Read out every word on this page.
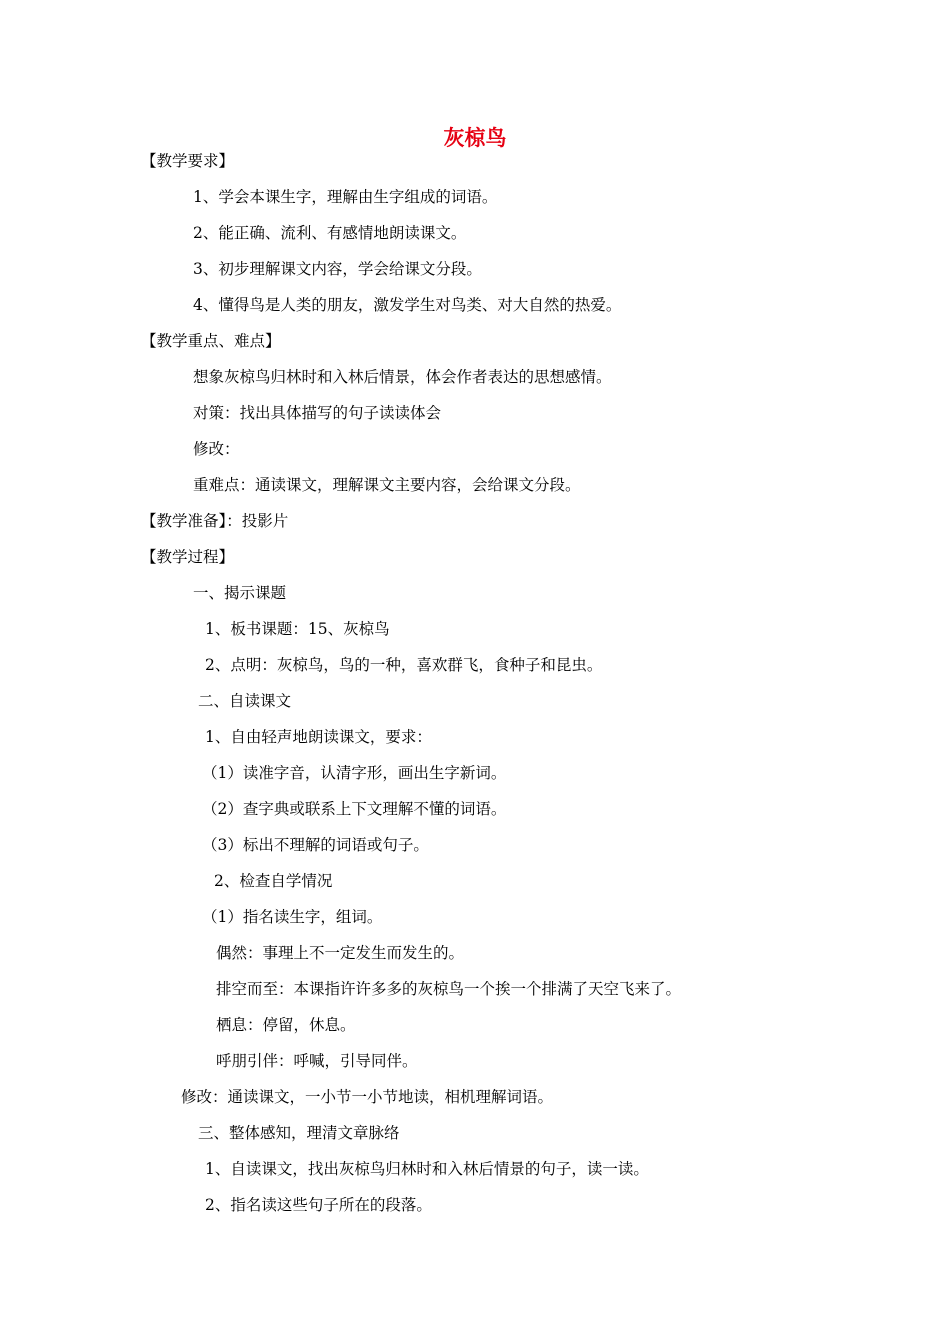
灰椋鸟
【教学要求】
1、学会本课生字，理解由生字组成的词语。
2、能正确、流利、有感情地朗读课文。
3、初步理解课文内容，学会给课文分段。
4、懂得鸟是人类的朋友，激发学生对鸟类、对大自然的热爱。
【教学重点、难点】
想象灰椋鸟归林时和入林后情景，体会作者表达的思想感情。
对策：找出具体描写的句子读读体会
修改：
重难点：通读课文，理解课文主要内容，会给课文分段。
【教学准备】：投影片
【教学过程】
一、揭示课题
1、板书课题：15、灰椋鸟
2、点明：灰椋鸟，鸟的一种，喜欢群飞，食种子和昆虫。
二、自读课文
1、自由轻声地朗读课文，要求：
（1）读准字音，认清字形，画出生字新词。
（2）查字典或联系上下文理解不懂的词语。
（3）标出不理解的词语或句子。
2、检查自学情况
（1）指名读生字，组词。
偶然：事理上不一定发生而发生的。
排空而至：本课指许许多多的灰椋鸟一个挨一个排满了天空飞来了。
栖息：停留，休息。
呼朋引伴：呼喊，引导同伴。
修改：通读课文，一小节一小节地读，相机理解词语。
三、整体感知，理清文章脉络
1、自读课文，找出灰椋鸟归林时和入林后情景的句子，读一读。
2、指名读这些句子所在的段落。
